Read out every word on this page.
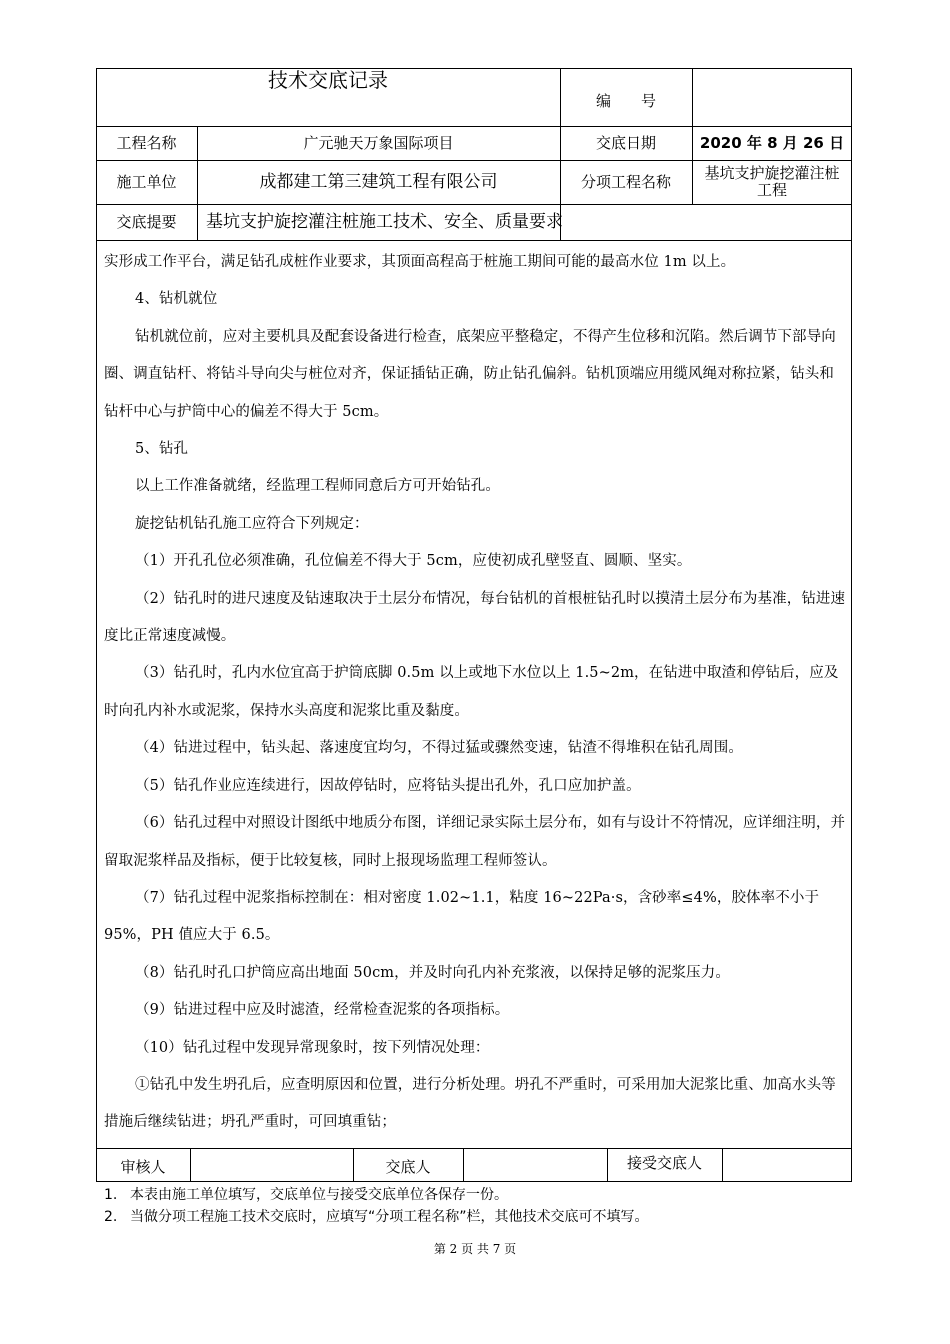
技术交底记录
编　　号
工程名称	广元驰天万象国际项目	交底日期	2020 年 8 月 26 日
施工单位	成都建工第三建筑工程有限公司	分项工程名称	基坑支护旋挖灌注桩工程
交底提要	基坑支护旋挖灌注桩施工技术、安全、质量要求

实形成工作平台，满足钻孔成桩作业要求，其顶面高程高于桩施工期间可能的最高水位 1m 以上。

4、钻机就位

钻机就位前，应对主要机具及配套设备进行检查，底架应平整稳定，不得产生位移和沉陷。然后调节下部导向圈、调直钻杆、将钻斗导向尖与桩位对齐，保证插钻正确，防止钻孔偏斜。钻机顶端应用缆风绳对称拉紧，钻头和钻杆中心与护筒中心的偏差不得大于 5cm。

5、钻孔

以上工作准备就绪，经监理工程师同意后方可开始钻孔。

旋挖钻机钻孔施工应符合下列规定：

（1）开孔孔位必须准确，孔位偏差不得大于 5cm，应使初成孔壁竖直、圆顺、坚实。

（2）钻孔时的进尺速度及钻速取决于土层分布情况，每台钻机的首根桩钻孔时以摸清土层分布为基准，钻进速度比正常速度减慢。

（3）钻孔时，孔内水位宜高于护筒底脚 0.5m 以上或地下水位以上 1.5~2m，在钻进中取渣和停钻后，应及时向孔内补水或泥浆，保持水头高度和泥浆比重及黏度。

（4）钻进过程中，钻头起、落速度宜均匀，不得过猛或骤然变速，钻渣不得堆积在钻孔周围。

（5）钻孔作业应连续进行，因故停钻时，应将钻头提出孔外，孔口应加护盖。

（6）钻孔过程中对照设计图纸中地质分布图，详细记录实际土层分布，如有与设计不符情况，应详细注明，并留取泥浆样品及指标，便于比较复核，同时上报现场监理工程师签认。

（7）钻孔过程中泥浆指标控制在：相对密度 1.02~1.1，粘度 16~22Pa·s，含砂率≤4%，胶体率不小于 95%，PH 值应大于 6.5。

（8）钻孔时孔口护筒应高出地面 50cm，并及时向孔内补充浆液，以保持足够的泥浆压力。

（9）钻进过程中应及时滤渣，经常检查泥浆的各项指标。

（10）钻孔过程中发现异常现象时，按下列情况处理：

①钻孔中发生坍孔后，应查明原因和位置，进行分析处理。坍孔不严重时，可采用加大泥浆比重、加高水头等措施后继续钻进；坍孔严重时，可回填重钻；

审核人	交底人	接受交底人
1. 本表由施工单位填写，交底单位与接受交底单位各保存一份。
2. 当做分项工程施工技术交底时，应填写“分项工程名称”栏，其他技术交底可不填写。
第 2 页 共 7 页
